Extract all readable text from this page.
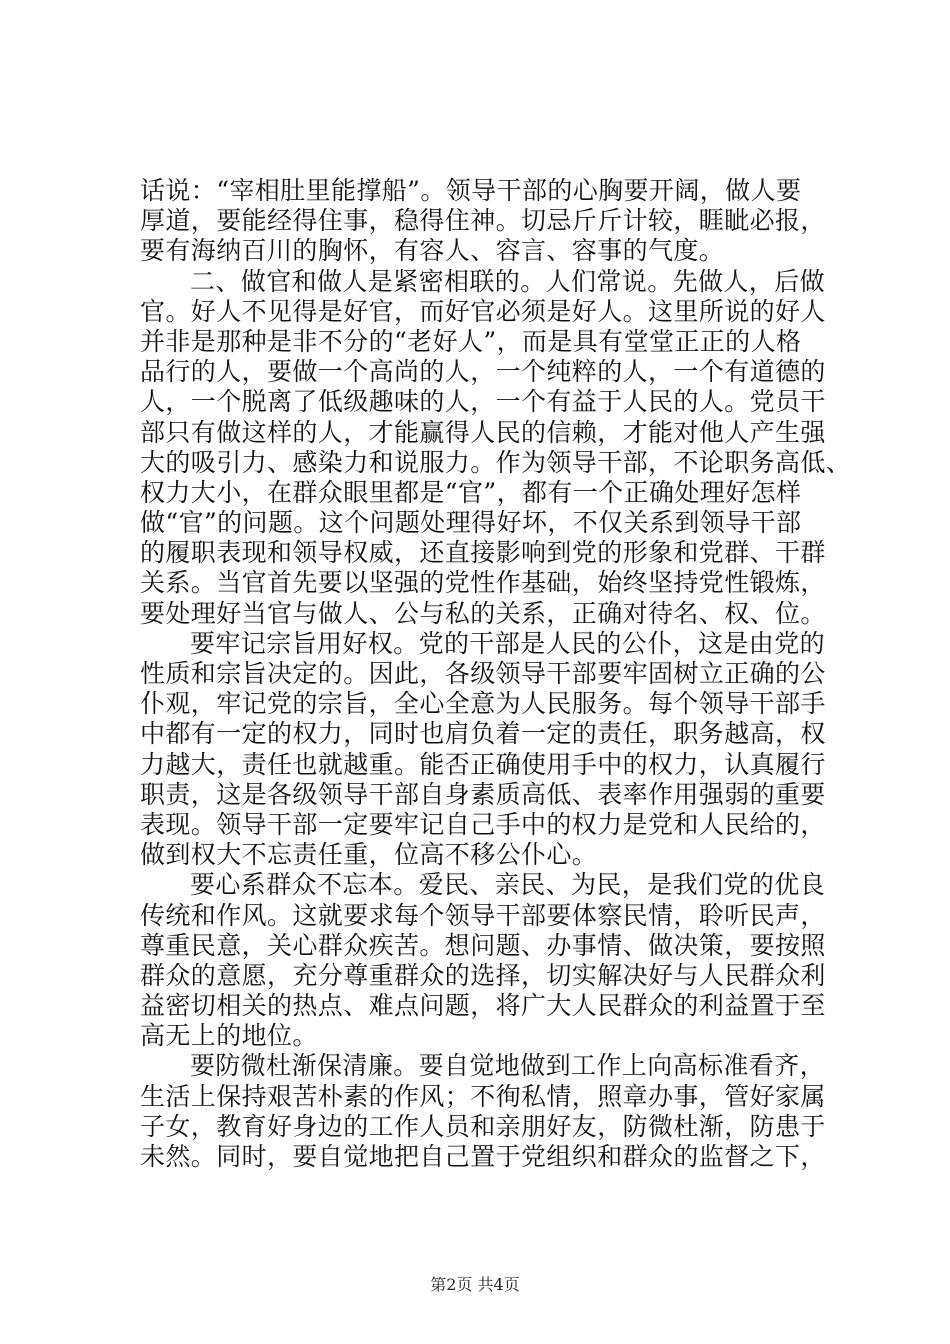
话说：“宰相肚里能撑船”。领导干部的心胸要开阔，做人要
厚道，要能经得住事，稳得住神。切忌斤斤计较，睚眦必报，
要有海纳百川的胸怀，有容人、容言、容事的气度。
二、做官和做人是紧密相联的。人们常说。先做人，后做
官。好人不见得是好官，而好官必须是好人。这里所说的好人
并非是那种是非不分的“老好人”，而是具有堂堂正正的人格
品行的人，要做一个高尚的人，一个纯粹的人，一个有道德的
人，一个脱离了低级趣味的人，一个有益于人民的人。党员干
部只有做这样的人，才能赢得人民的信赖，才能对他人产生强
大的吸引力、感染力和说服力。作为领导干部，不论职务高低、
权力大小，在群众眼里都是“官”，都有一个正确处理好怎样
做“官”的问题。这个问题处理得好坏，不仅关系到领导干部
的履职表现和领导权威，还直接影响到党的形象和党群、干群
关系。当官首先要以坚强的党性作基础，始终坚持党性锻炼，
要处理好当官与做人、公与私的关系，正确对待名、权、位。
要牢记宗旨用好权。党的干部是人民的公仆，这是由党的
性质和宗旨决定的。因此，各级领导干部要牢固树立正确的公
仆观，牢记党的宗旨，全心全意为人民服务。每个领导干部手
中都有一定的权力，同时也肩负着一定的责任，职务越高，权
力越大，责任也就越重。能否正确使用手中的权力，认真履行
职责，这是各级领导干部自身素质高低、表率作用强弱的重要
表现。领导干部一定要牢记自己手中的权力是党和人民给的，
做到权大不忘责任重，位高不移公仆心。
要心系群众不忘本。爱民、亲民、为民，是我们党的优良
传统和作风。这就要求每个领导干部要体察民情，聆听民声，
尊重民意，关心群众疾苦。想问题、办事情、做决策，要按照
群众的意愿，充分尊重群众的选择，切实解决好与人民群众利
益密切相关的热点、难点问题，将广大人民群众的利益置于至
高无上的地位。
要防微杜渐保清廉。要自觉地做到工作上向高标准看齐，
生活上保持艰苦朴素的作风；不徇私情，照章办事，管好家属
子女，教育好身边的工作人员和亲朋好友，防微杜渐，防患于
未然。同时，要自觉地把自己置于党组织和群众的监督之下，
第2页 共4页
